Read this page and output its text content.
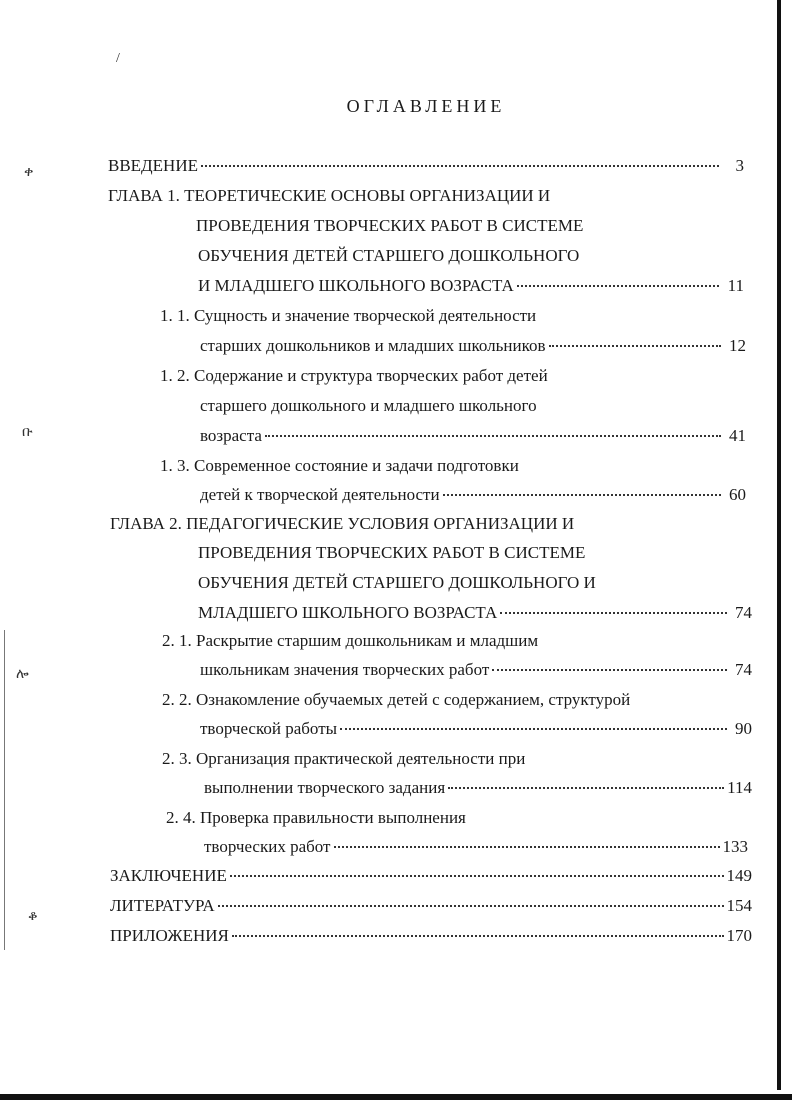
/
ቀ
ቡ
ሎ
ቆ
ОГЛАВЛЕНИЕ
ВВЕДЕНИЕ	3
ГЛАВА 1. ТЕОРЕТИЧЕСКИЕ ОСНОВЫ ОРГАНИЗАЦИИ И
ПРОВЕДЕНИЯ ТВОРЧЕСКИХ РАБОТ В СИСТЕМЕ
ОБУЧЕНИЯ ДЕТЕЙ СТАРШЕГО ДОШКОЛЬНОГО
И МЛАДШЕГО ШКОЛЬНОГО ВОЗРАСТА	11
1. 1. Сущность и значение творческой деятельности
старших дошкольников и младших школьников	12
1. 2. Содержание и структура творческих работ детей
старшего дошкольного и младшего школьного
возраста	41
1. 3. Современное состояние и задачи подготовки
детей к творческой деятельности	60
ГЛАВА 2. ПЕДАГОГИЧЕСКИЕ УСЛОВИЯ ОРГАНИЗАЦИИ И
ПРОВЕДЕНИЯ ТВОРЧЕСКИХ РАБОТ В СИСТЕМЕ
ОБУЧЕНИЯ ДЕТЕЙ СТАРШЕГО ДОШКОЛЬНОГО И
МЛАДШЕГО ШКОЛЬНОГО ВОЗРАСТА	74
2. 1. Раскрытие старшим дошкольникам и младшим
школьникам значения творческих работ	74
2. 2. Ознакомление обучаемых детей с содержанием, структурой
творческой работы	90
2. 3. Организация практической деятельности при
выполнении творческого задания	114
2. 4. Проверка правильности выполнения
творческих работ	133
ЗАКЛЮЧЕНИЕ	149
ЛИТЕРАТУРА	154
ПРИЛОЖЕНИЯ	170
